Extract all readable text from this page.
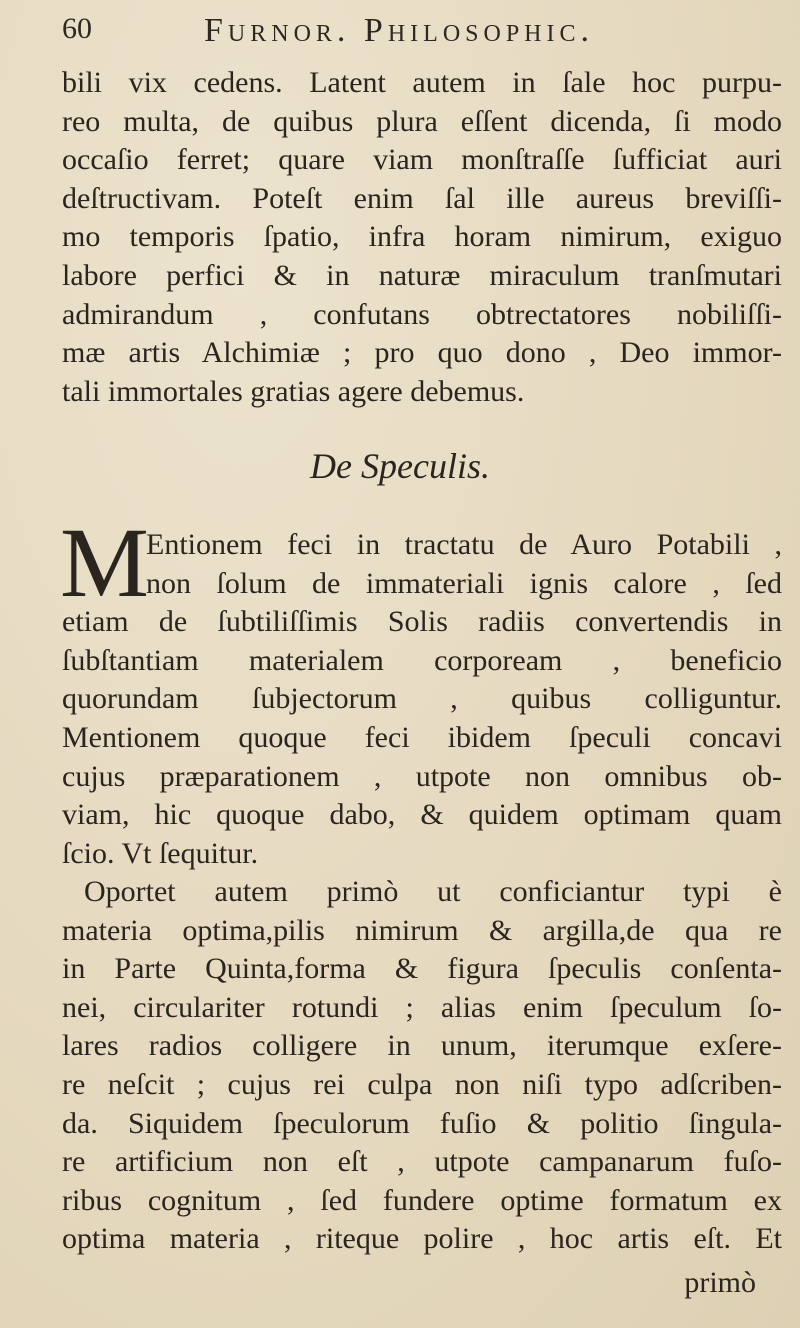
60	Furnor. Philosophic.
bili vix cedens. Latent autem in ſale hoc purpu-
reo multa, de quibus plura eſſent dicenda, ſi modo
occaſio ferret; quare viam monſtraſſe ſufficiat auri
deſtructivam. Poteſt enim ſal ille aureus breviſſi-
mo temporis ſpatio, infra horam nimirum, exiguo
labore perfici & in naturæ miraculum tranſmutari
admirandum , confutans obtrectatores nobiliſſi-
mæ artis Alchimiæ ; pro quo dono , Deo immor-
tali immortales gratias agere debemus.
De Speculis.
M
Entionem feci in tractatu de Auro Potabili ,
non ſolum de immateriali ignis calore , ſed
etiam de ſubtiliſſimis Solis radiis convertendis in
ſubſtantiam materialem corpoream , beneficio
quorundam ſubjectorum , quibus colliguntur.
Mentionem quoque feci ibidem ſpeculi concavi
cujus præparationem , utpote non omnibus ob-
viam, hic quoque dabo, & quidem optimam quam
ſcio. Vt ſequitur.
Oportet autem primò ut conficiantur typi è
materia optima,pilis nimirum & argilla,de qua re
in Parte Quinta,forma & figura ſpeculis conſenta-
nei, circulariter rotundi ; alias enim ſpeculum ſo-
lares radios colligere in unum, iterumque exſere-
re neſcit ; cujus rei culpa non niſi typo adſcriben-
da. Siquidem ſpeculorum fuſio & politio ſingula-
re artificium non eſt , utpote campanarum fuſo-
ribus cognitum , ſed fundere optime formatum ex
optima materia , riteque polire , hoc artis eſt. Et
primò
